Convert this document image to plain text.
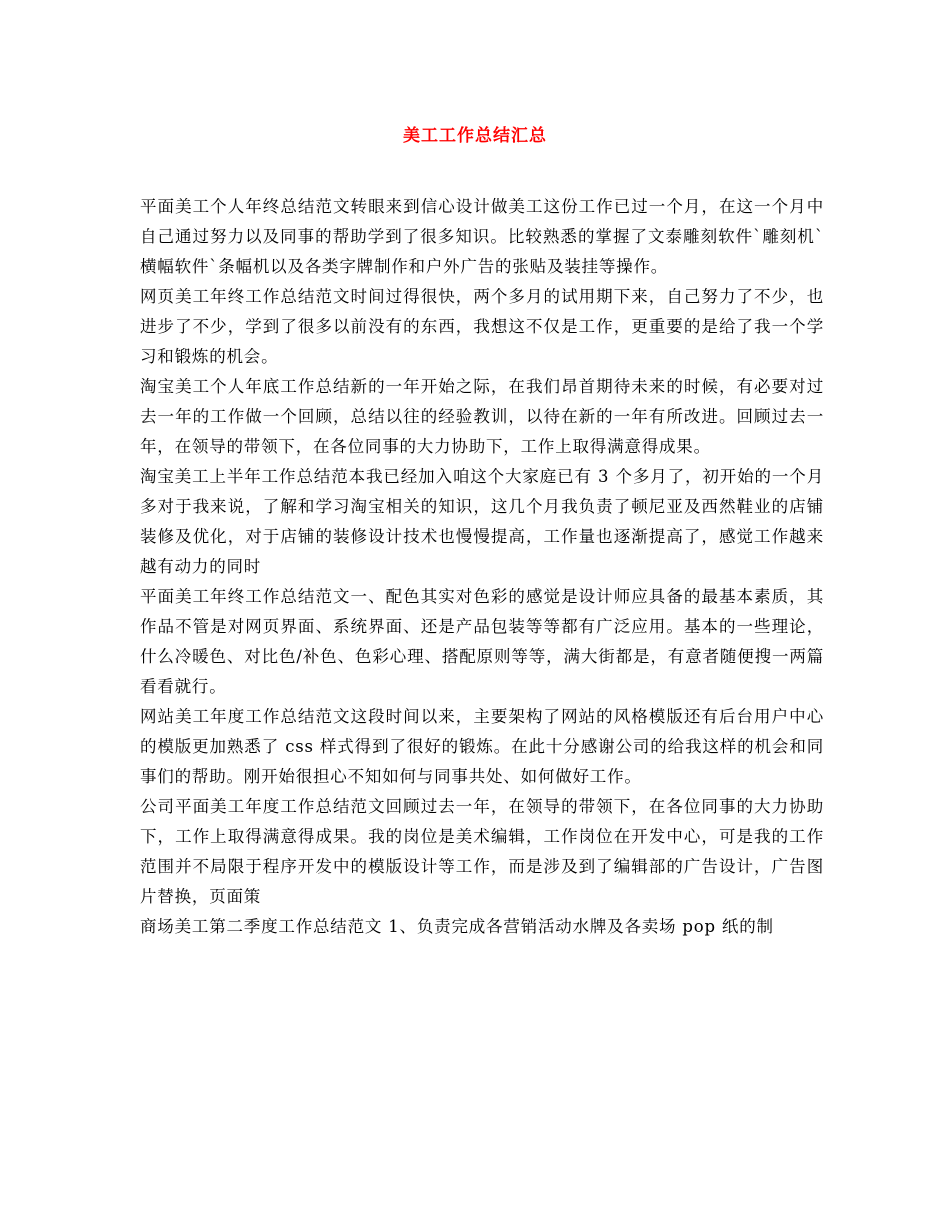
美工工作总结汇总

平面美工个人年终总结范文转眼来到信心设计做美工这份工作已过一个月，在这一个月中自己通过努力以及同事的帮助学到了很多知识。比较熟悉的掌握了文泰雕刻软件`雕刻机`横幅软件`条幅机以及各类字牌制作和户外广告的张贴及装挂等操作。

网页美工年终工作总结范文时间过得很快，两个多月的试用期下来，自己努力了不少，也进步了不少，学到了很多以前没有的东西，我想这不仅是工作，更重要的是给了我一个学习和锻炼的机会。

淘宝美工个人年底工作总结新的一年开始之际，在我们昂首期待未来的时候，有必要对过去一年的工作做一个回顾，总结以往的经验教训，以待在新的一年有所改进。回顾过去一年，在领导的带领下，在各位同事的大力协助下，工作上取得满意得成果。

淘宝美工上半年工作总结范本我已经加入咱这个大家庭已有 3 个多月了，初开始的一个月多对于我来说，了解和学习淘宝相关的知识，这几个月我负责了顿尼亚及西然鞋业的店铺装修及优化，对于店铺的装修设计技术也慢慢提高，工作量也逐渐提高了，感觉工作越来越有动力的同时

平面美工年终工作总结范文一、配色其实对色彩的感觉是设计师应具备的最基本素质，其作品不管是对网页界面、系统界面、还是产品包装等等都有广泛应用。基本的一些理论，什么冷暖色、对比色/补色、色彩心理、搭配原则等等，满大街都是，有意者随便搜一两篇看看就行。

网站美工年度工作总结范文这段时间以来，主要架构了网站的风格模版还有后台用户中心的模版更加熟悉了 css 样式得到了很好的锻炼。在此十分感谢公司的给我这样的机会和同事们的帮助。刚开始很担心不知如何与同事共处、如何做好工作。

公司平面美工年度工作总结范文回顾过去一年，在领导的带领下，在各位同事的大力协助下，工作上取得满意得成果。我的岗位是美术编辑，工作岗位在开发中心，可是我的工作范围并不局限于程序开发中的模版设计等工作，而是涉及到了编辑部的广告设计，广告图片替换，页面策

商场美工第二季度工作总结范文 1、负责完成各营销活动水牌及各卖场 pop 纸的制
